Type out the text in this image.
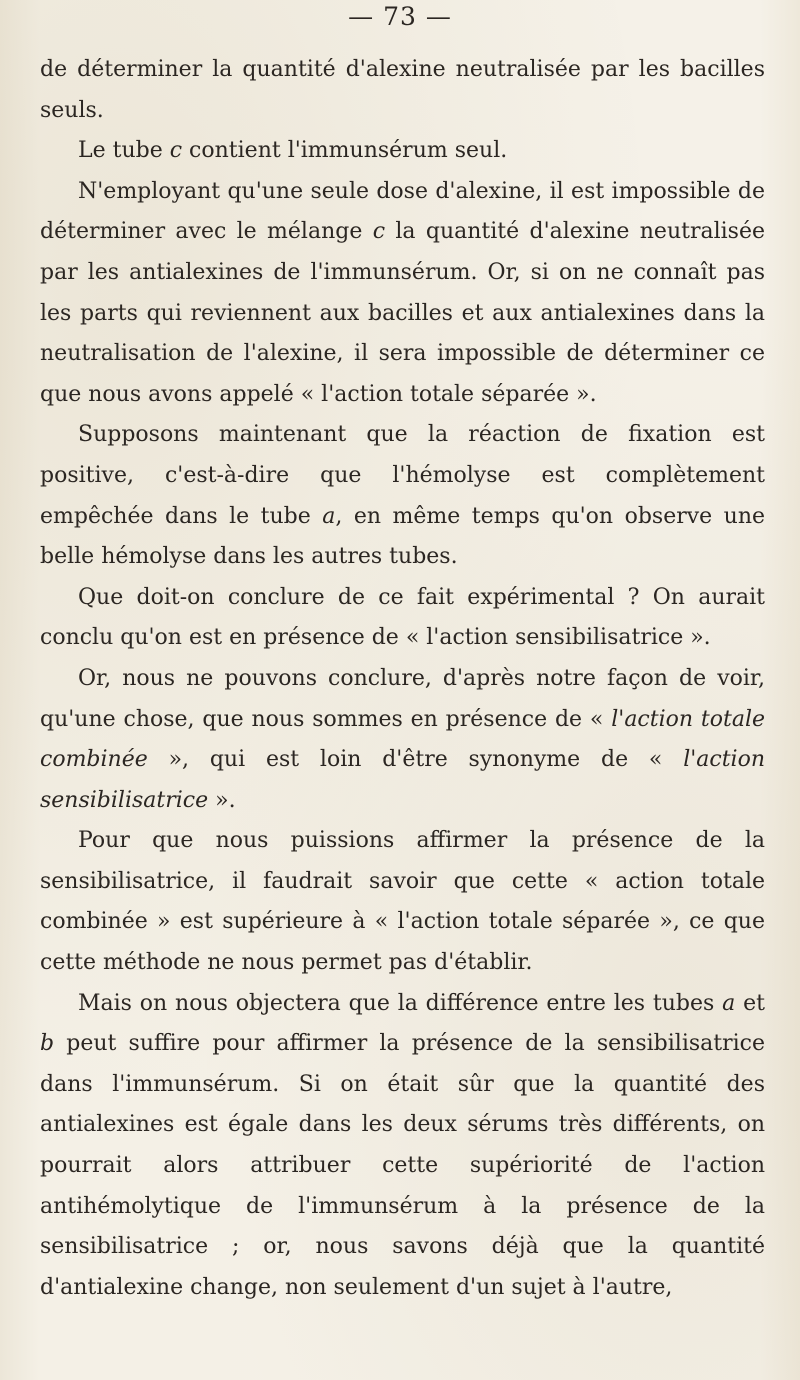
— 73 —

de déterminer la quantité d'alexine neutralisée par les bacilles seuls.

Le tube c contient l'immunsérum seul.

N'employant qu'une seule dose d'alexine, il est impossible de déterminer avec le mélange c la quantité d'alexine neutralisée par les antialexines de l'immunsérum. Or, si on ne connaît pas les parts qui reviennent aux bacilles et aux antialexines dans la neutralisation de l'alexine, il sera impossible de déterminer ce que nous avons appelé « l'action totale séparée ».

Supposons maintenant que la réaction de fixation est positive, c'est-à-dire que l'hémolyse est complètement empêchée dans le tube a, en même temps qu'on observe une belle hémolyse dans les autres tubes.

Que doit-on conclure de ce fait expérimental ? On aurait conclu qu'on est en présence de « l'action sensibilisatrice ».

Or, nous ne pouvons conclure, d'après notre façon de voir, qu'une chose, que nous sommes en présence de « l'action totale combinée », qui est loin d'être synonyme de « l'action sensibilisatrice ».

Pour que nous puissions affirmer la présence de la sensibilisatrice, il faudrait savoir que cette « action totale combinée » est supérieure à « l'action totale séparée », ce que cette méthode ne nous permet pas d'établir.

Mais on nous objectera que la différence entre les tubes a et b peut suffire pour affirmer la présence de la sensibilisatrice dans l'immunsérum. Si on était sûr que la quantité des antialexines est égale dans les deux sérums très différents, on pourrait alors attribuer cette supériorité de l'action antihémolytique de l'immunsérum à la présence de la sensibilisatrice ; or, nous savons déjà que la quantité d'antialexine change, non seulement d'un sujet à l'autre,
